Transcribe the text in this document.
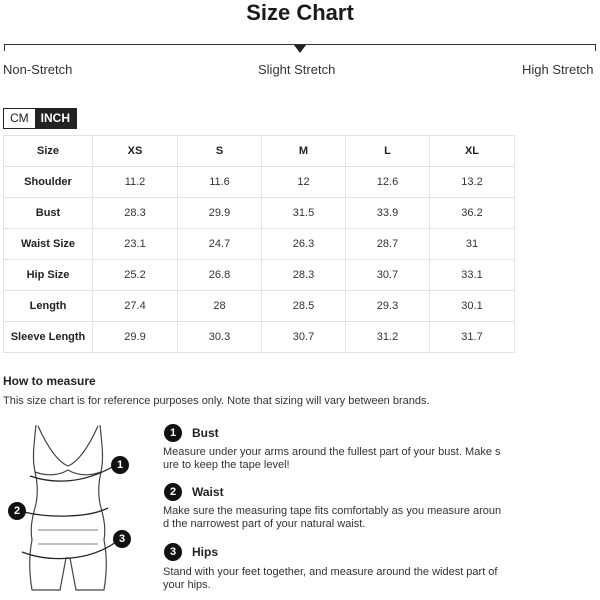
Size Chart
Non-Stretch	Slight Stretch	High Stretch
CM	INCH
Size	XS	S	M	L	XL
Shoulder	11.2	11.6	12	12.6	13.2
Bust	28.3	29.9	31.5	33.9	36.2
Waist Size	23.1	24.7	26.3	28.7	31
Hip Size	25.2	26.8	28.3	30.7	33.1
Length	27.4	28	28.5	29.3	30.1
Sleeve Length	29.9	30.3	30.7	31.2	31.7
How to measure
This size chart is for reference purposes only. Note that sizing will vary between brands.
1
2
3
1	Bust
Measure under your arms around the fullest part of your bust. Make s
ure to keep the tape level!
2	Waist
Make sure the measuring tape fits comfortably as you measure aroun
d the narrowest part of your natural waist.
3	Hips
Stand with your feet together, and measure around the widest part of
your hips.
